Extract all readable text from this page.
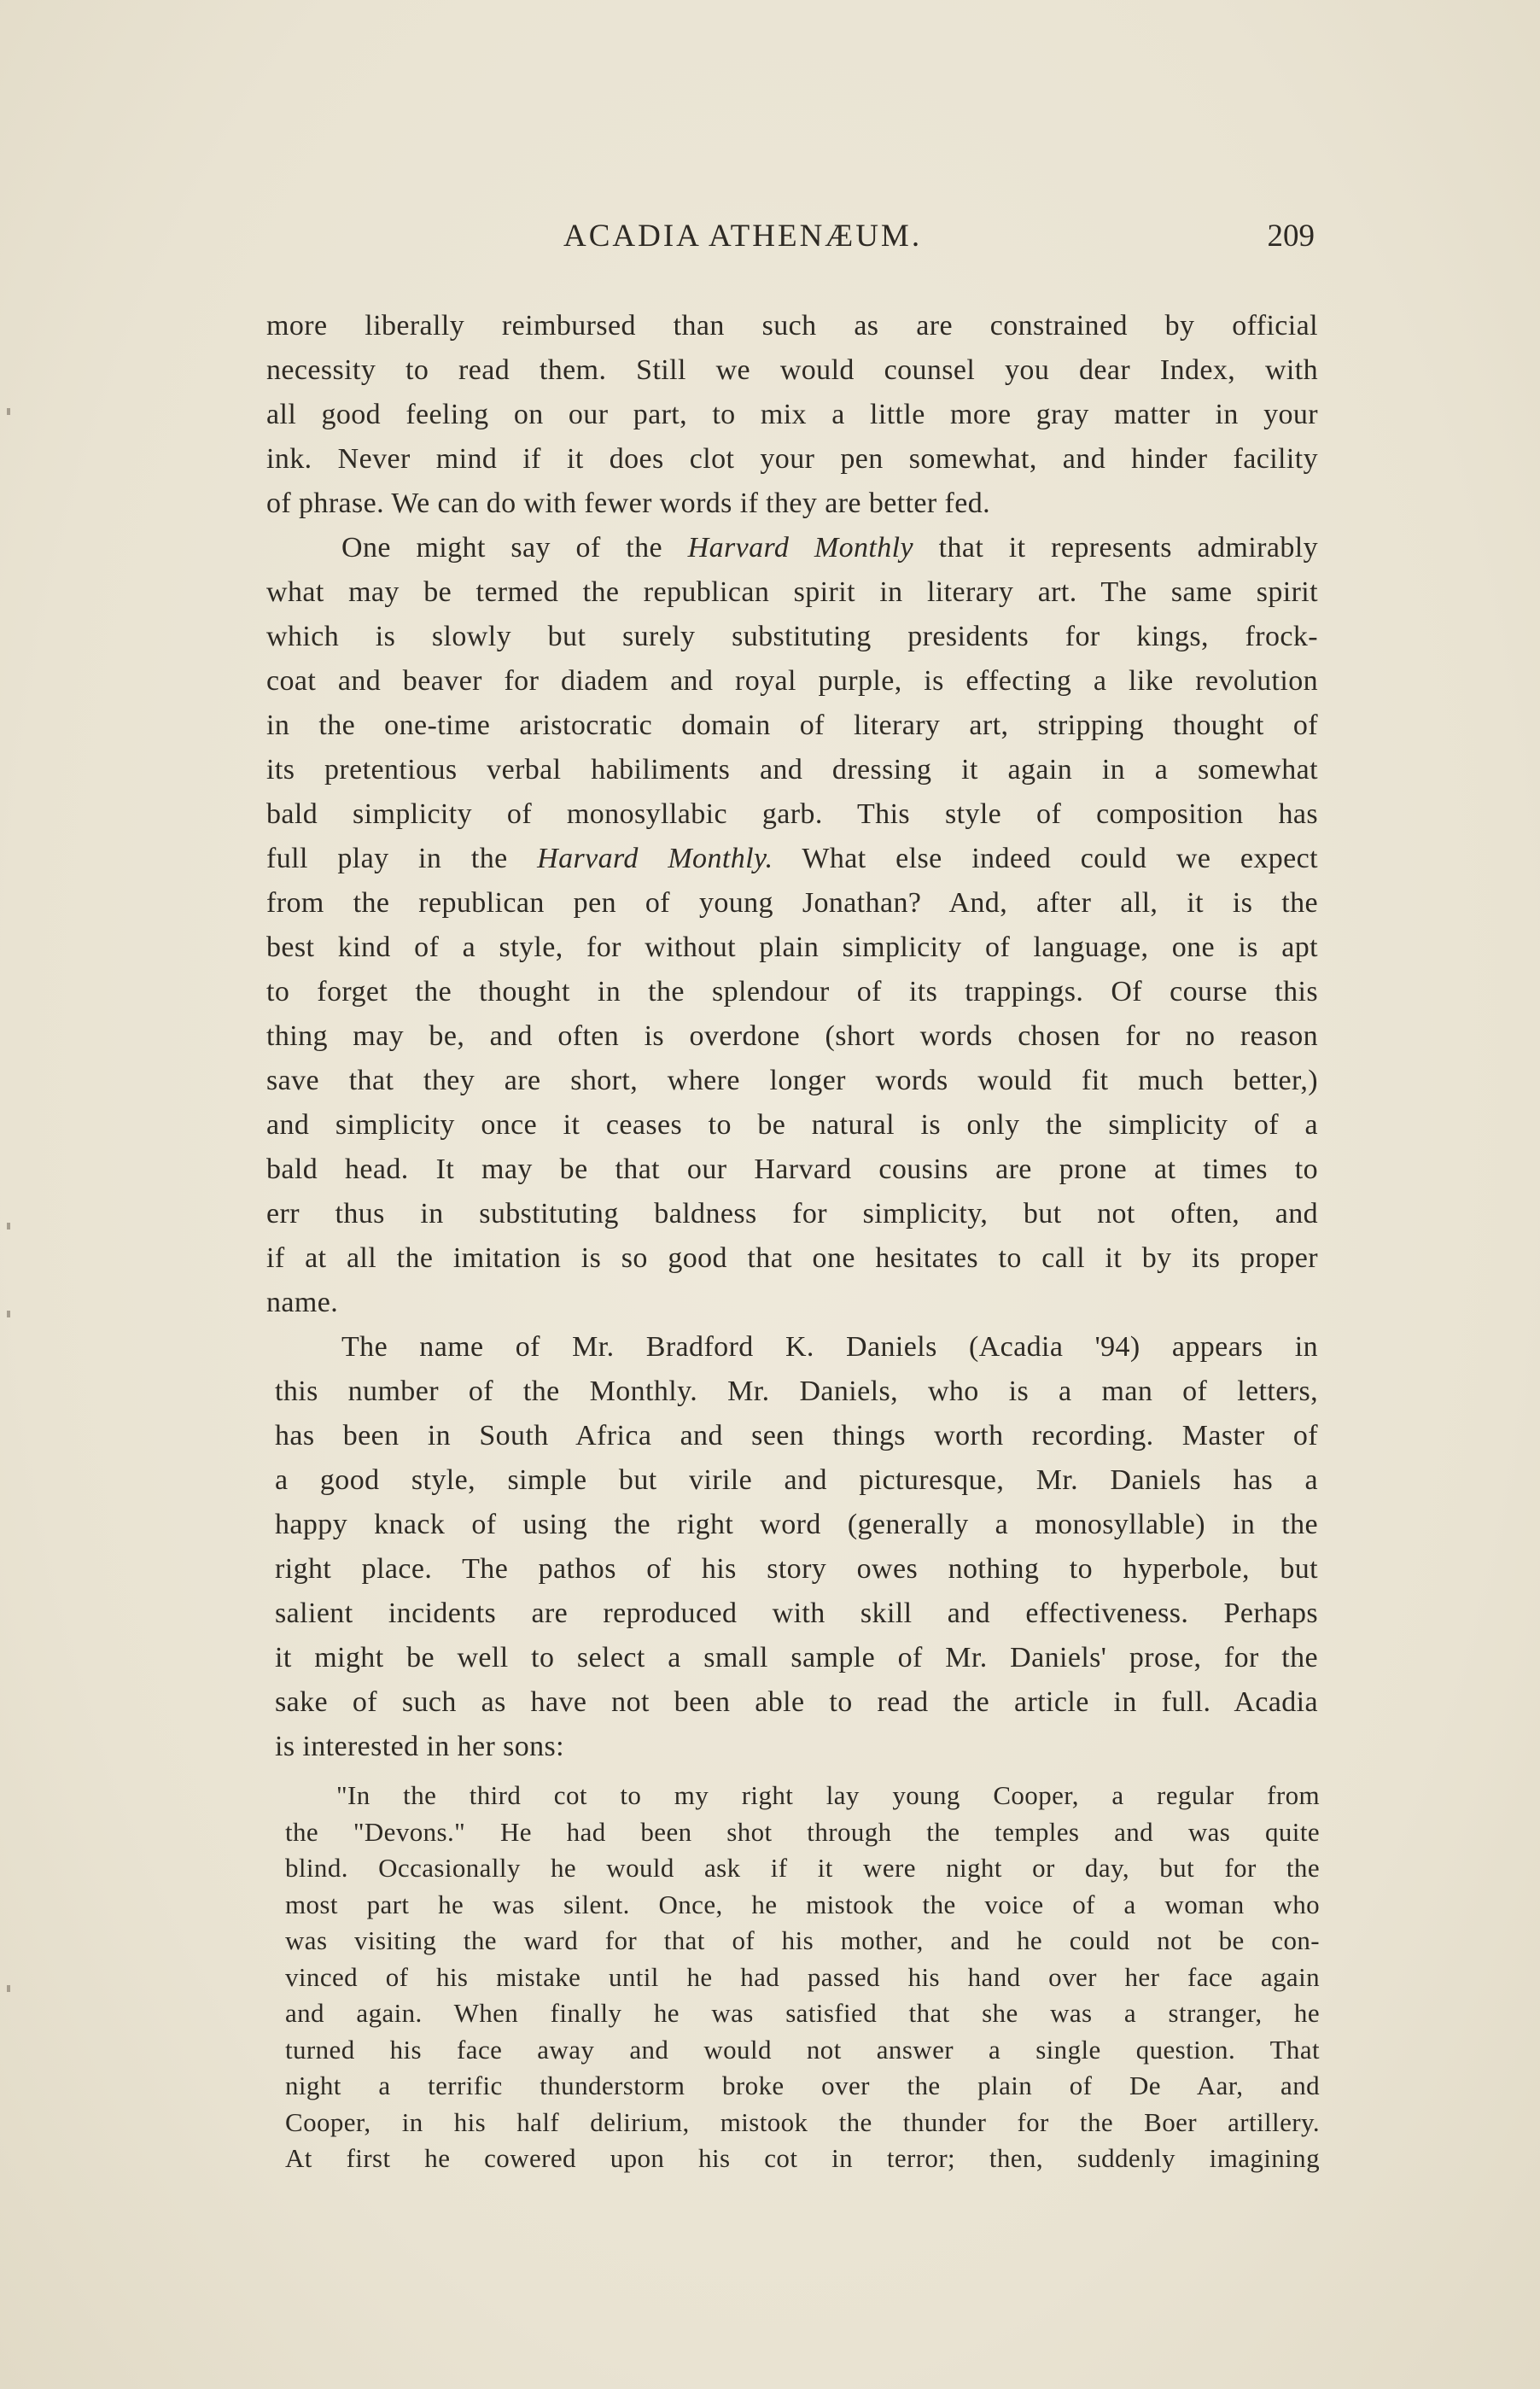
ACADIA ATHENÆUM.	209
more liberally reimbursed than such as are constrained by official
necessity to read them. Still we would counsel you dear Index, with
all good feeling on our part, to mix a little more gray matter in your
ink. Never mind if it does clot your pen somewhat, and hinder facility
of phrase. We can do with fewer words if they are better fed.
One might say of the Harvard Monthly that it represents admirably
what may be termed the republican spirit in literary art. The same spirit
which is slowly but surely substituting presidents for kings, frock-
coat and beaver for diadem and royal purple, is effecting a like revolution
in the one-time aristocratic domain of literary art, stripping thought of
its pretentious verbal habiliments and dressing it again in a somewhat
bald simplicity of monosyllabic garb. This style of composition has
full play in the Harvard Monthly. What else indeed could we expect
from the republican pen of young Jonathan? And, after all, it is the
best kind of a style, for without plain simplicity of language, one is apt
to forget the thought in the splendour of its trappings. Of course this
thing may be, and often is overdone (short words chosen for no reason
save that they are short, where longer words would fit much better,)
and simplicity once it ceases to be natural is only the simplicity of a
bald head. It may be that our Harvard cousins are prone at times to
err thus in substituting baldness for simplicity, but not often, and
if at all the imitation is so good that one hesitates to call it by its proper
name.
The name of Mr. Bradford K. Daniels (Acadia '94) appears in
this number of the Monthly. Mr. Daniels, who is a man of letters,
has been in South Africa and seen things worth recording. Master of
a good style, simple but virile and picturesque, Mr. Daniels has a
happy knack of using the right word (generally a monosyllable) in the
right place. The pathos of his story owes nothing to hyperbole, but
salient incidents are reproduced with skill and effectiveness. Perhaps
it might be well to select a small sample of Mr. Daniels' prose, for the
sake of such as have not been able to read the article in full. Acadia
is interested in her sons:
"In the third cot to my right lay young Cooper, a regular from
the "Devons." He had been shot through the temples and was quite
blind. Occasionally he would ask if it were night or day, but for the
most part he was silent. Once, he mistook the voice of a woman who
was visiting the ward for that of his mother, and he could not be con-
vinced of his mistake until he had passed his hand over her face again
and again. When finally he was satisfied that she was a stranger, he
turned his face away and would not answer a single question. That
night a terrific thunderstorm broke over the plain of De Aar, and
Cooper, in his half delirium, mistook the thunder for the Boer artillery.
At first he cowered upon his cot in terror; then, suddenly imagining
